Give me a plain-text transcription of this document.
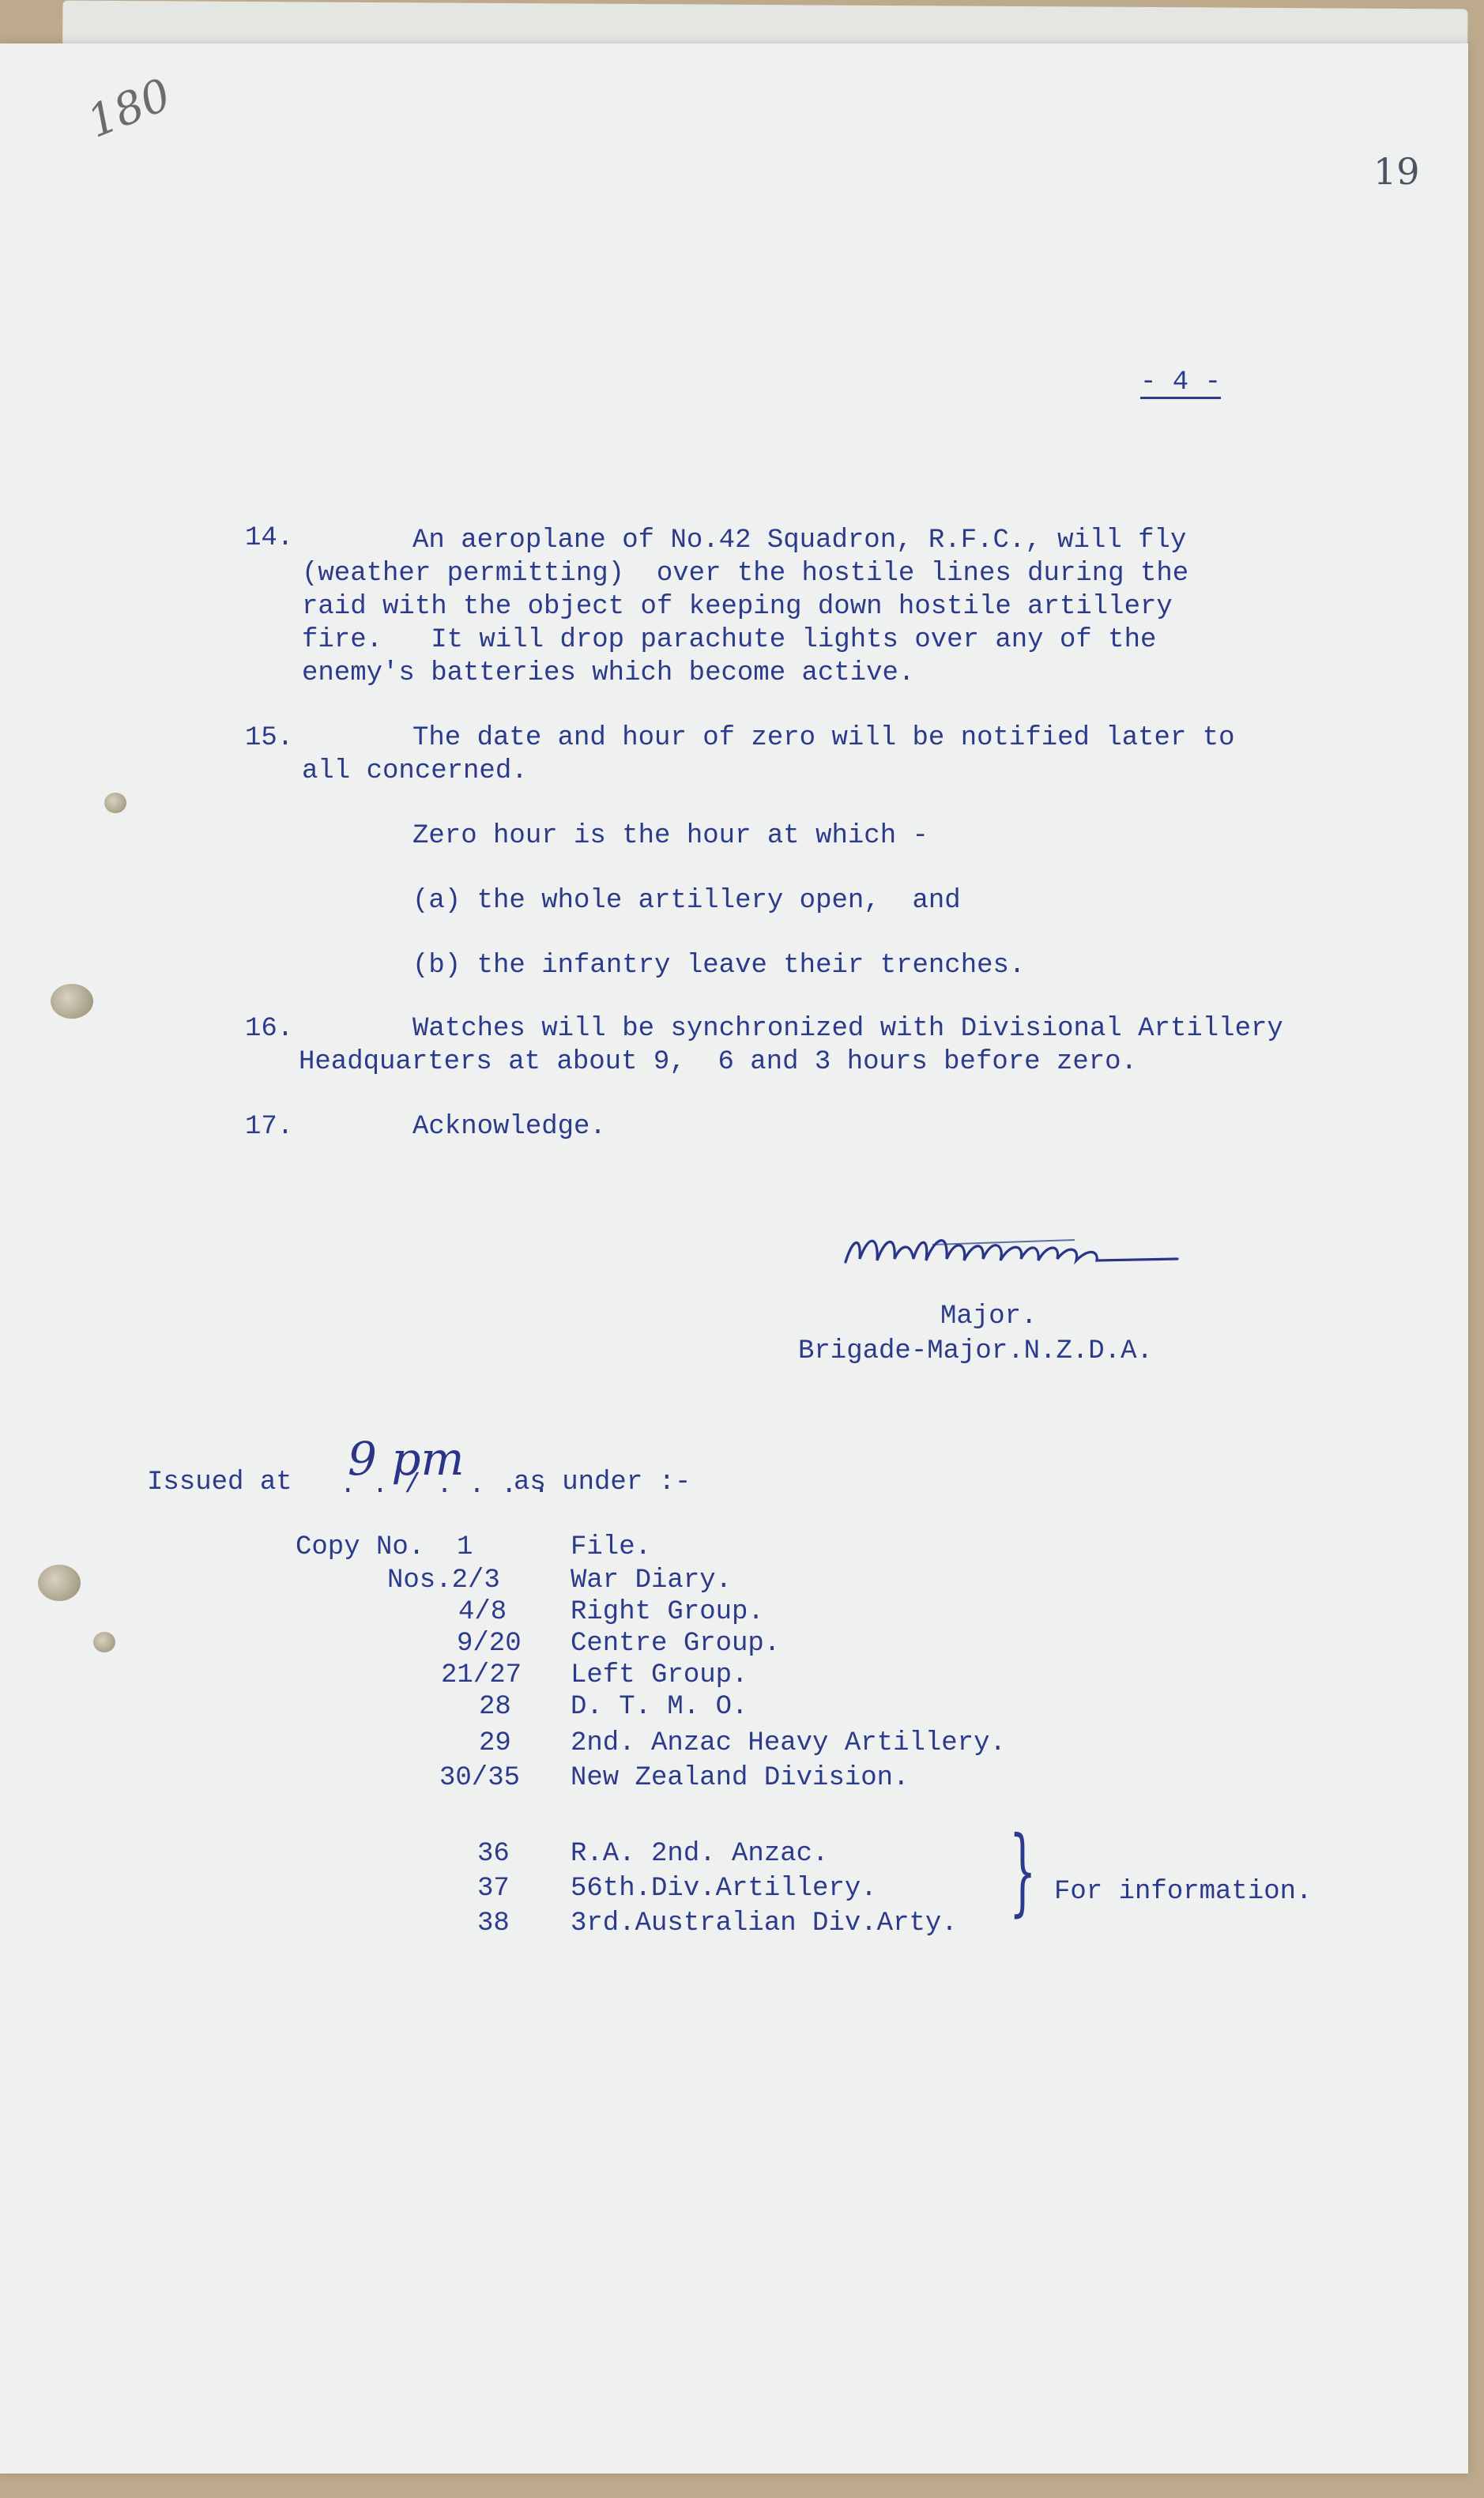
180
19
- 4 -
14.	An aeroplane of No.42 Squadron, R.F.C., will fly
(weather permitting)  over the hostile lines during the
raid with the object of keeping down hostile artillery
fire.   It will drop parachute lights over any of the
enemy's batteries which become active.
15.	The date and hour of zero will be notified later to
all concerned.
Zero hour is the hour at which -
(a) the whole artillery open,  and
(b) the infantry leave their trenches.
16.	Watches will be synchronized with Divisional Artillery
Headquarters at about 9,  6 and 3 hours before zero.
17.	Acknowledge.
Major.
Brigade-Major.N.Z.D.A.
Issued at . . / . . . .
9 pm as under :-
Copy No.  1	File.
Nos.2/3	War Diary.
4/8 Right Group.
9/20 Centre Group.
21/27 Left Group.
28 D. T. M. O.
29 2nd. Anzac Heavy Artillery.
30/35 New Zealand Division.
36 R.A. 2nd. Anzac.
37 56th.Div.Artillery.
38 3rd.Australian Div.Arty. } For information.
